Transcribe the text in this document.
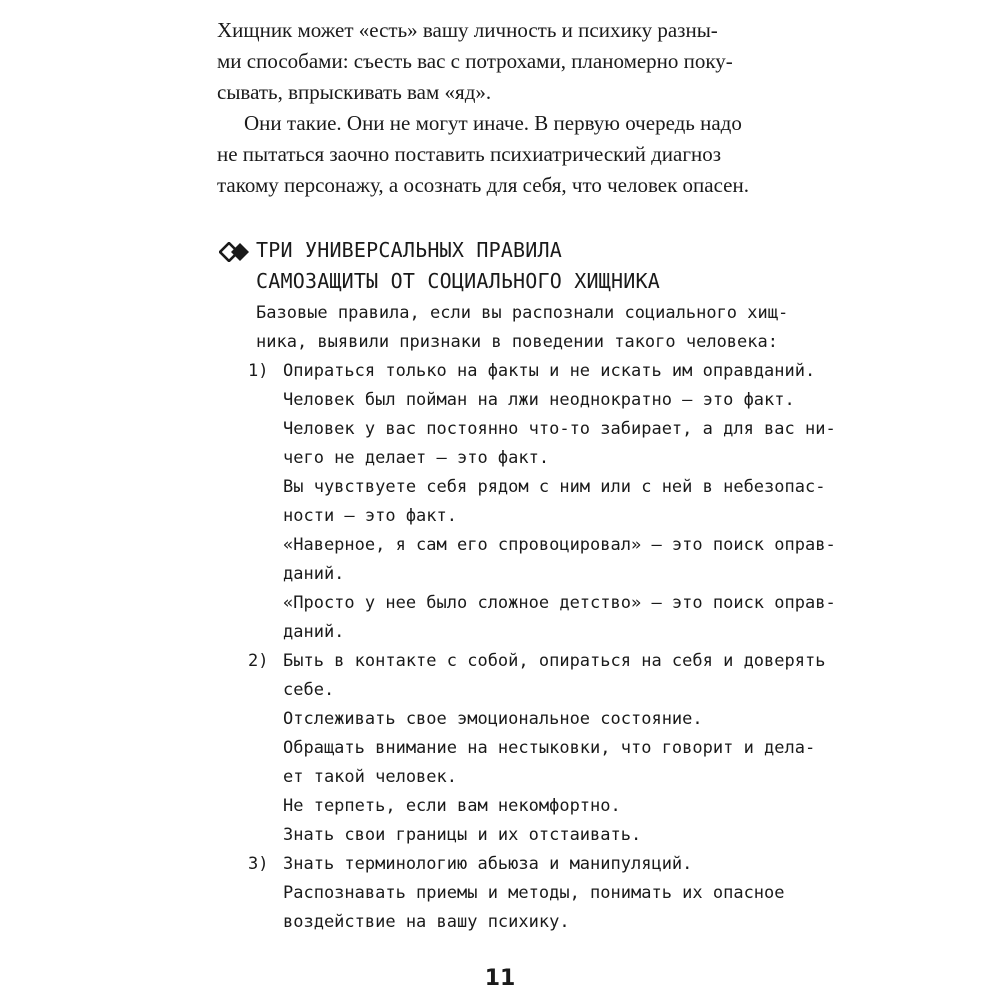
Хищник может «есть» вашу личность и психику разны-
ми способами: съесть вас с потрохами, планомерно поку-
сывать, впрыскивать вам «яд».
Они такие. Они не могут иначе. В первую очередь надо
не пытаться заочно поставить психиатрический диагноз
такому персонажу, а осознать для себя, что человек опасен.
ТРИ УНИВЕРСАЛЬНЫХ ПРАВИЛА
САМОЗАЩИТЫ ОТ СОЦИАЛЬНОГО ХИЩНИКА
Базовые правила, если вы распознали социального хищ-
ника, выявили признаки в поведении такого человека:
1) Опираться только на факты и не искать им оправданий.
Человек был пойман на лжи неоднократно – это факт.
Человек у вас постоянно что-то забирает, а для вас ни-
чего не делает – это факт.
Вы чувствуете себя рядом с ним или с ней в небезопас-
ности – это факт.
«Наверное, я сам его спровоцировал» – это поиск оправ-
даний.
«Просто у нее было сложное детство» – это поиск оправ-
даний.
2) Быть в контакте с собой, опираться на себя и доверять
себе.
Отслеживать свое эмоциональное состояние.
Обращать внимание на нестыковки, что говорит и дела-
ет такой человек.
Не терпеть, если вам некомфортно.
Знать свои границы и их отстаивать.
3) Знать терминологию абьюза и манипуляций.
Распознавать приемы и методы, понимать их опасное
воздействие на вашу психику.
11
